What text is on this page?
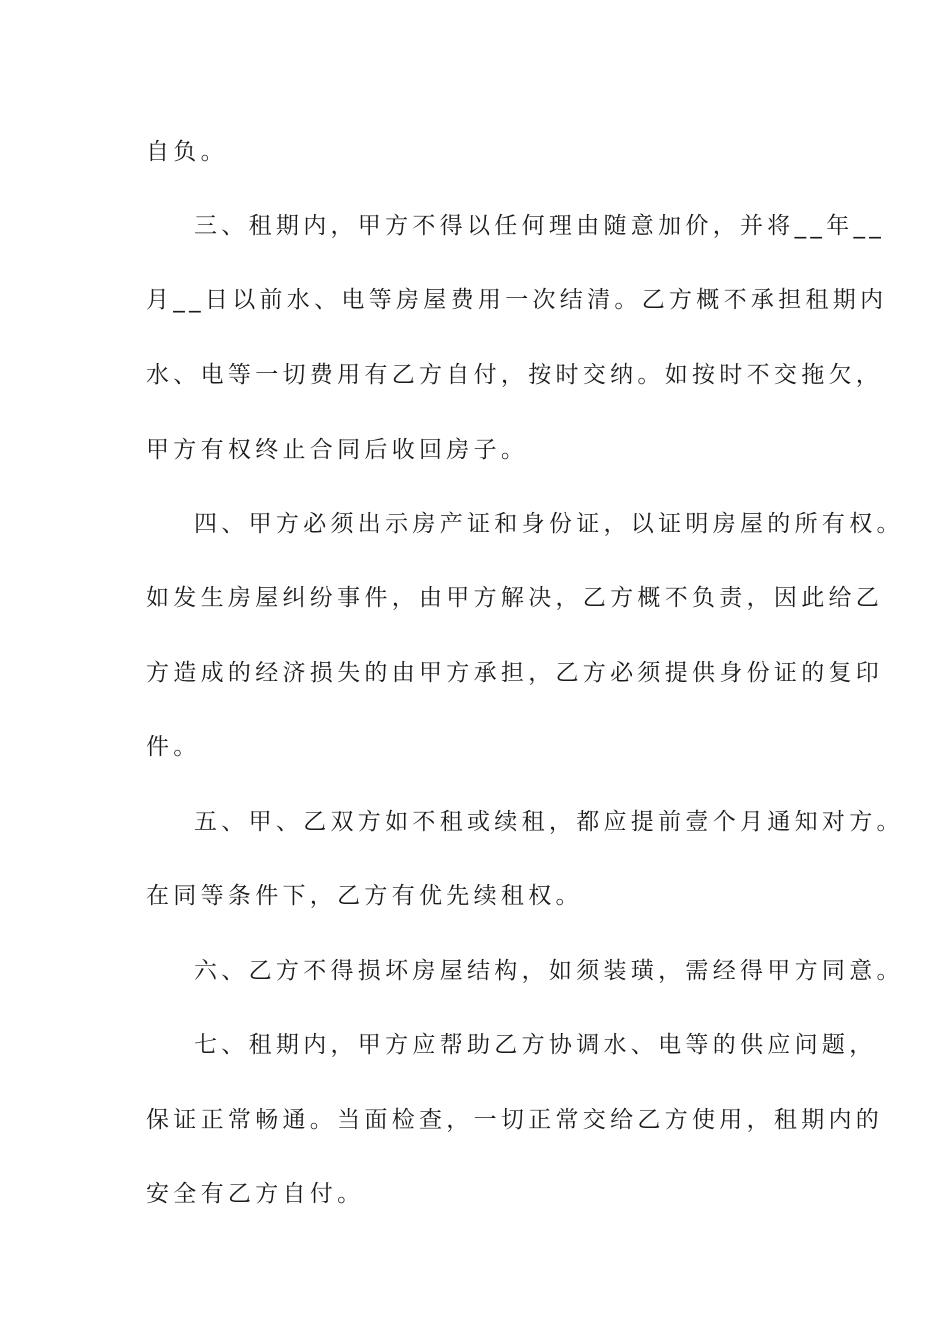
自负。
三、租期内，甲方不得以任何理由随意加价，并将__年__
月__日以前水、电等房屋费用一次结清。乙方概不承担租期内
水、电等一切费用有乙方自付，按时交纳。如按时不交拖欠，
甲方有权终止合同后收回房子。
四、甲方必须出示房产证和身份证，以证明房屋的所有权。
如发生房屋纠纷事件，由甲方解决，乙方概不负责，因此给乙
方造成的经济损失的由甲方承担，乙方必须提供身份证的复印
件。
五、甲、乙双方如不租或续租，都应提前壹个月通知对方。
在同等条件下，乙方有优先续租权。
六、乙方不得损坏房屋结构，如须装璜，需经得甲方同意。
七、租期内，甲方应帮助乙方协调水、电等的供应问题，
保证正常畅通。当面检查，一切正常交给乙方使用，租期内的
安全有乙方自付。
